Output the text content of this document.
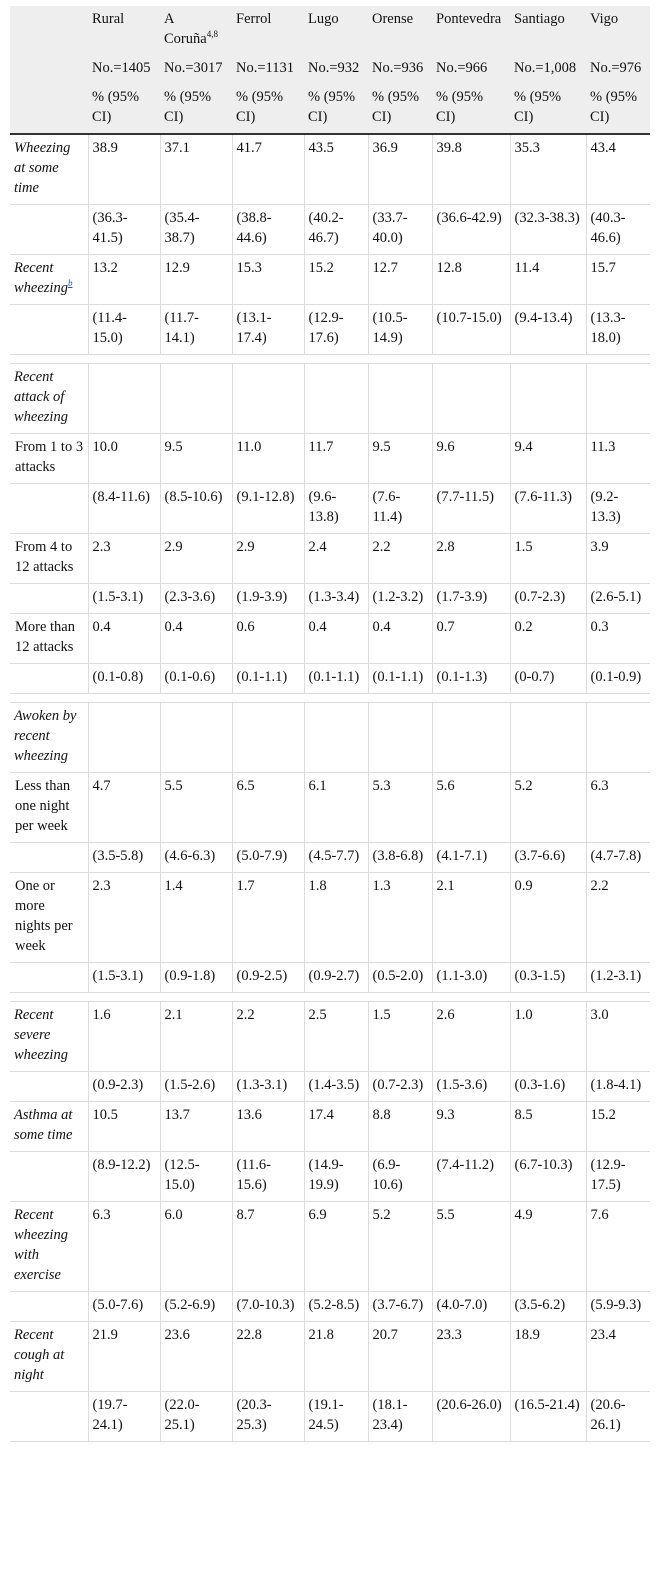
	Rural	A Coruña$^{4,8}$	Ferrol	Lugo	Orense	Pontevedra	Santiago	Vigo
	No.=1405	No.=3017	No.=1131	No.=932	No.=936	No.=966	No.=1,008	No.=976
	% (95% CI)	% (95% CI)	% (95% CI)	% (95% CI)	% (95% CI)	% (95% CI)	% (95% CI)	% (95% CI)
Wheezing at some time	38.9	37.1	41.7	43.5	36.9	39.8	35.3	43.4
	(36.3-41.5)	(35.4-38.7)	(38.8-44.6)	(40.2-46.7)	(33.7-40.0)	(36.6-42.9)	(32.3-38.3)	(40.3-46.6)
Recent wheezing$^b$	13.2	12.9	15.3	15.2	12.7	12.8	11.4	15.7
	(11.4-15.0)	(11.7-14.1)	(13.1-17.4)	(12.9-17.6)	(10.5-14.9)	(10.7-15.0)	(9.4-13.4)	(13.3-18.0)

Recent attack of wheezing								
From 1 to 3 attacks	10.0	9.5	11.0	11.7	9.5	9.6	9.4	11.3
	(8.4-11.6)	(8.5-10.6)	(9.1-12.8)	(9.6-13.8)	(7.6-11.4)	(7.7-11.5)	(7.6-11.3)	(9.2-13.3)
From 4 to 12 attacks	2.3	2.9	2.9	2.4	2.2	2.8	1.5	3.9
	(1.5-3.1)	(2.3-3.6)	(1.9-3.9)	(1.3-3.4)	(1.2-3.2)	(1.7-3.9)	(0.7-2.3)	(2.6-5.1)
More than 12 attacks	0.4	0.4	0.6	0.4	0.4	0.7	0.2	0.3
	(0.1-0.8)	(0.1-0.6)	(0.1-1.1)	(0.1-1.1)	(0.1-1.1)	(0.1-1.3)	(0-0.7)	(0.1-0.9)

Awoken by recent wheezing								
Less than one night per week	4.7	5.5	6.5	6.1	5.3	5.6	5.2	6.3
	(3.5-5.8)	(4.6-6.3)	(5.0-7.9)	(4.5-7.7)	(3.8-6.8)	(4.1-7.1)	(3.7-6.6)	(4.7-7.8)
One or more nights per week	2.3	1.4	1.7	1.8	1.3	2.1	0.9	2.2
	(1.5-3.1)	(0.9-1.8)	(0.9-2.5)	(0.9-2.7)	(0.5-2.0)	(1.1-3.0)	(0.3-1.5)	(1.2-3.1)

Recent severe wheezing	1.6	2.1	2.2	2.5	1.5	2.6	1.0	3.0
	(0.9-2.3)	(1.5-2.6)	(1.3-3.1)	(1.4-3.5)	(0.7-2.3)	(1.5-3.6)	(0.3-1.6)	(1.8-4.1)
Asthma at some time	10.5	13.7	13.6	17.4	8.8	9.3	8.5	15.2
	(8.9-12.2)	(12.5-15.0)	(11.6-15.6)	(14.9-19.9)	(6.9-10.6)	(7.4-11.2)	(6.7-10.3)	(12.9-17.5)
Recent wheezing with exercise	6.3	6.0	8.7	6.9	5.2	5.5	4.9	7.6
	(5.0-7.6)	(5.2-6.9)	(7.0-10.3)	(5.2-8.5)	(3.7-6.7)	(4.0-7.0)	(3.5-6.2)	(5.9-9.3)
Recent cough at night	21.9	23.6	22.8	21.8	20.7	23.3	18.9	23.4
	(19.7-24.1)	(22.0-25.1)	(20.3-25.3)	(19.1-24.5)	(18.1-23.4)	(20.6-26.0)	(16.5-21.4)	(20.6-26.1)
